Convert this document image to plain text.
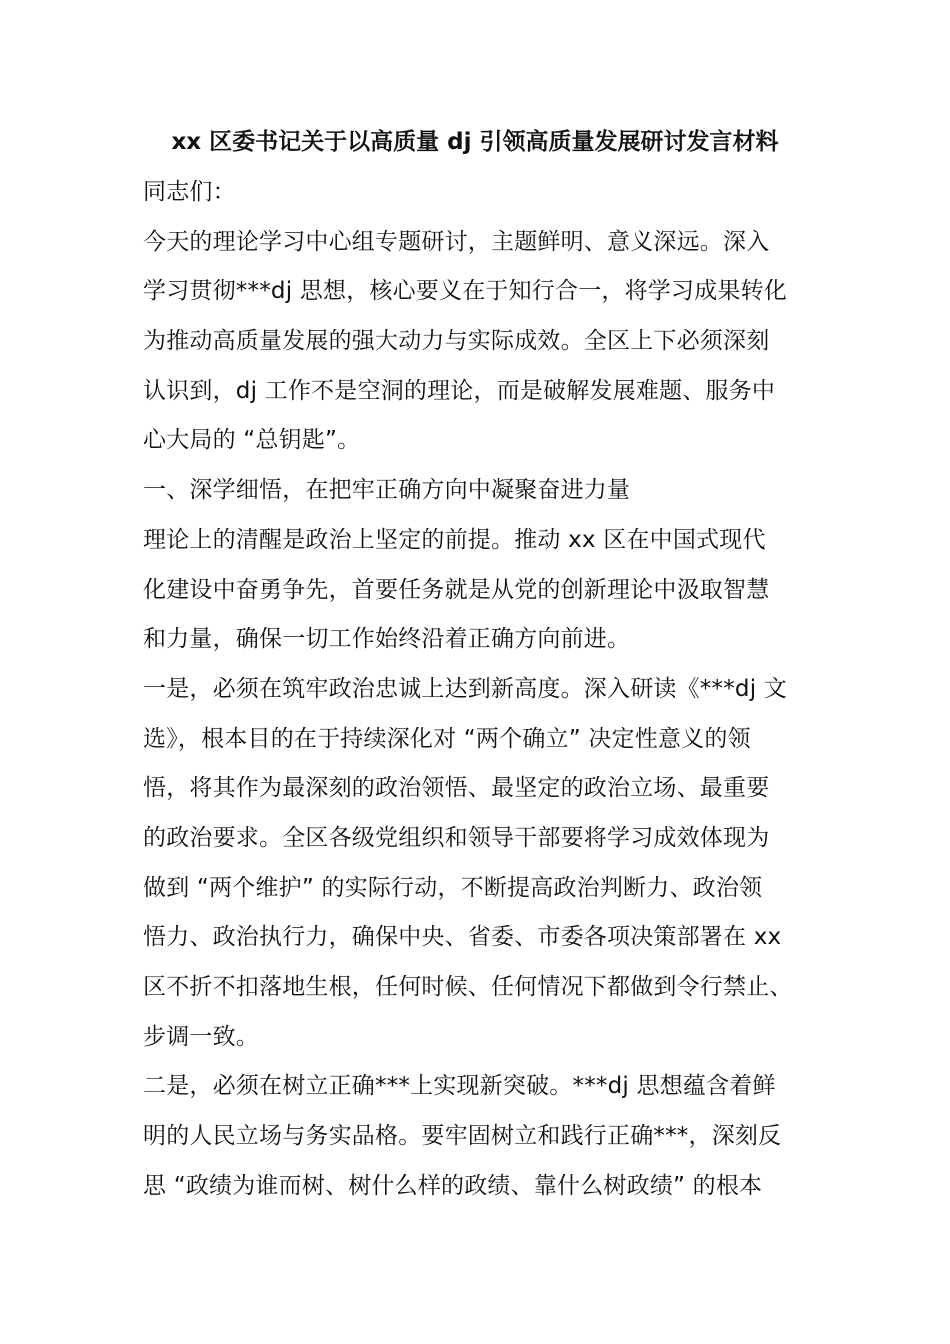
xx 区委书记关于以高质量 dj 引领高质量发展研讨发言材料
同志们：
今天的理论学习中心组专题研讨，主题鲜明、意义深远。深入
学习贯彻***dj 思想，核心要义在于知行合一，将学习成果转化
为推动高质量发展的强大动力与实际成效。全区上下必须深刻
认识到，dj 工作不是空洞的理论，而是破解发展难题、服务中
心大局的 “总钥匙”。
一、深学细悟，在把牢正确方向中凝聚奋进力量
理论上的清醒是政治上坚定的前提。推动 xx 区在中国式现代
化建设中奋勇争先，首要任务就是从党的创新理论中汲取智慧
和力量，确保一切工作始终沿着正确方向前进。
一是，必须在筑牢政治忠诚上达到新高度。深入研读《***dj 文
选》，根本目的在于持续深化对 “两个确立” 决定性意义的领
悟，将其作为最深刻的政治领悟、最坚定的政治立场、最重要
的政治要求。全区各级党组织和领导干部要将学习成效体现为
做到 “两个维护” 的实际行动，不断提高政治判断力、政治领
悟力、政治执行力，确保中央、省委、市委各项决策部署在 xx
区不折不扣落地生根，任何时候、任何情况下都做到令行禁止、
步调一致。
二是，必须在树立正确***上实现新突破。***dj 思想蕴含着鲜
明的人民立场与务实品格。要牢固树立和践行正确***，深刻反
思 “政绩为谁而树、树什么样的政绩、靠什么树政绩” 的根本
